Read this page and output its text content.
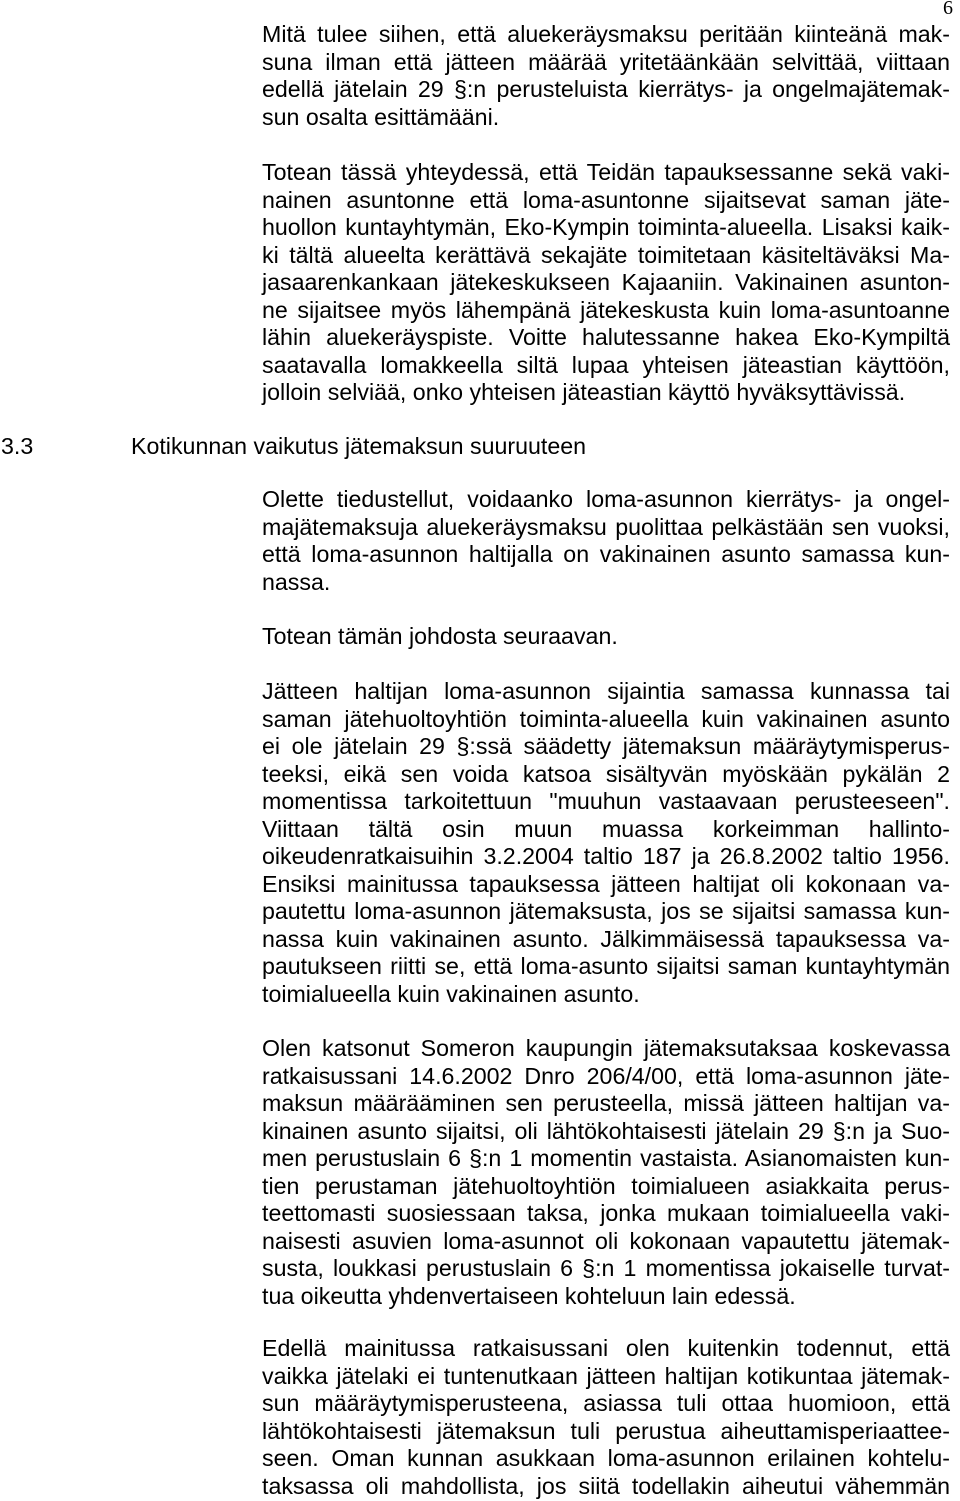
6
Mitä tulee siihen, että aluekeräysmaksu peritään kiinteänä mak-
suna ilman että jätteen määrää yritetäänkään selvittää, viittaan
edellä jätelain 29 §:n perusteluista kierrätys- ja ongelmajätemak-
sun osalta esittämääni.
Totean tässä yhteydessä, että Teidän tapauksessanne sekä vaki-
nainen asuntonne että loma-asuntonne sijaitsevat saman jäte-
huollon kuntayhtymän, Eko-Kympin toiminta-alueella. Lisaksi kaik-
ki tältä alueelta kerättävä sekajäte toimitetaan käsiteltäväksi Ma-
jasaarenkankaan jätekeskukseen Kajaaniin. Vakinainen asunton-
ne sijaitsee myös lähempänä jätekeskusta kuin loma-asuntoanne
lähin aluekeräyspiste. Voitte halutessanne hakea Eko-Kympiltä
saatavalla lomakkeella siltä lupaa yhteisen jäteastian käyttöön,
jolloin selviää, onko yhteisen jäteastian käyttö hyväksyttävissä.
3.3	Kotikunnan vaikutus jätemaksun suuruuteen
Olette tiedustellut, voidaanko loma-asunnon kierrätys- ja ongel-
majätemaksuja aluekeräysmaksu puolittaa pelkästään sen vuoksi,
että loma-asunnon haltijalla on vakinainen asunto samassa kun-
nassa.
Totean tämän johdosta seuraavan.
Jätteen haltijan loma-asunnon sijaintia samassa kunnassa tai
saman jätehuoltoyhtiön toiminta-alueella kuin vakinainen asunto
ei ole jätelain 29 §:ssä säädetty jätemaksun määräytymisperus-
teeksi, eikä sen voida katsoa sisältyvän myöskään pykälän 2
momentissa tarkoitettuun "muuhun vastaavaan perusteeseen".
Viittaan tältä osin muun muassa korkeimman hallinto-
oikeudenratkaisuihin 3.2.2004 taltio 187 ja 26.8.2002 taltio 1956.
Ensiksi mainitussa tapauksessa jätteen haltijat oli kokonaan va-
pautettu loma-asunnon jätemaksusta, jos se sijaitsi samassa kun-
nassa kuin vakinainen asunto. Jälkimmäisessä tapauksessa va-
pautukseen riitti se, että loma-asunto sijaitsi saman kuntayhtymän
toimialueella kuin vakinainen asunto.
Olen katsonut Someron kaupungin jätemaksutaksaa koskevassa
ratkaisussani 14.6.2002 Dnro 206/4/00, että loma-asunnon jäte-
maksun määrääminen sen perusteella, missä jätteen haltijan va-
kinainen asunto sijaitsi, oli lähtökohtaisesti jätelain 29 §:n ja Suo-
men perustuslain 6 §:n 1 momentin vastaista. Asianomaisten kun-
tien perustaman jätehuoltoyhtiön toimialueen asiakkaita perus-
teettomasti suosiessaan taksa, jonka mukaan toimialueella vaki-
naisesti asuvien loma-asunnot oli kokonaan vapautettu jätemak-
susta, loukkasi perustuslain 6 §:n 1 momentissa jokaiselle turvat-
tua oikeutta yhdenvertaiseen kohteluun lain edessä.
Edellä mainitussa ratkaisussani olen kuitenkin todennut, että
vaikka jätelaki ei tuntenutkaan jätteen haltijan kotikuntaa jätemak-
sun määräytymisperusteena, asiassa tuli ottaa huomioon, että
lähtökohtaisesti jätemaksun tuli perustua aiheuttamisperiaattee-
seen. Oman kunnan asukkaan loma-asunnon erilainen kohtelu-
taksassa oli mahdollista, jos siitä todellakin aiheutui vähemmän
